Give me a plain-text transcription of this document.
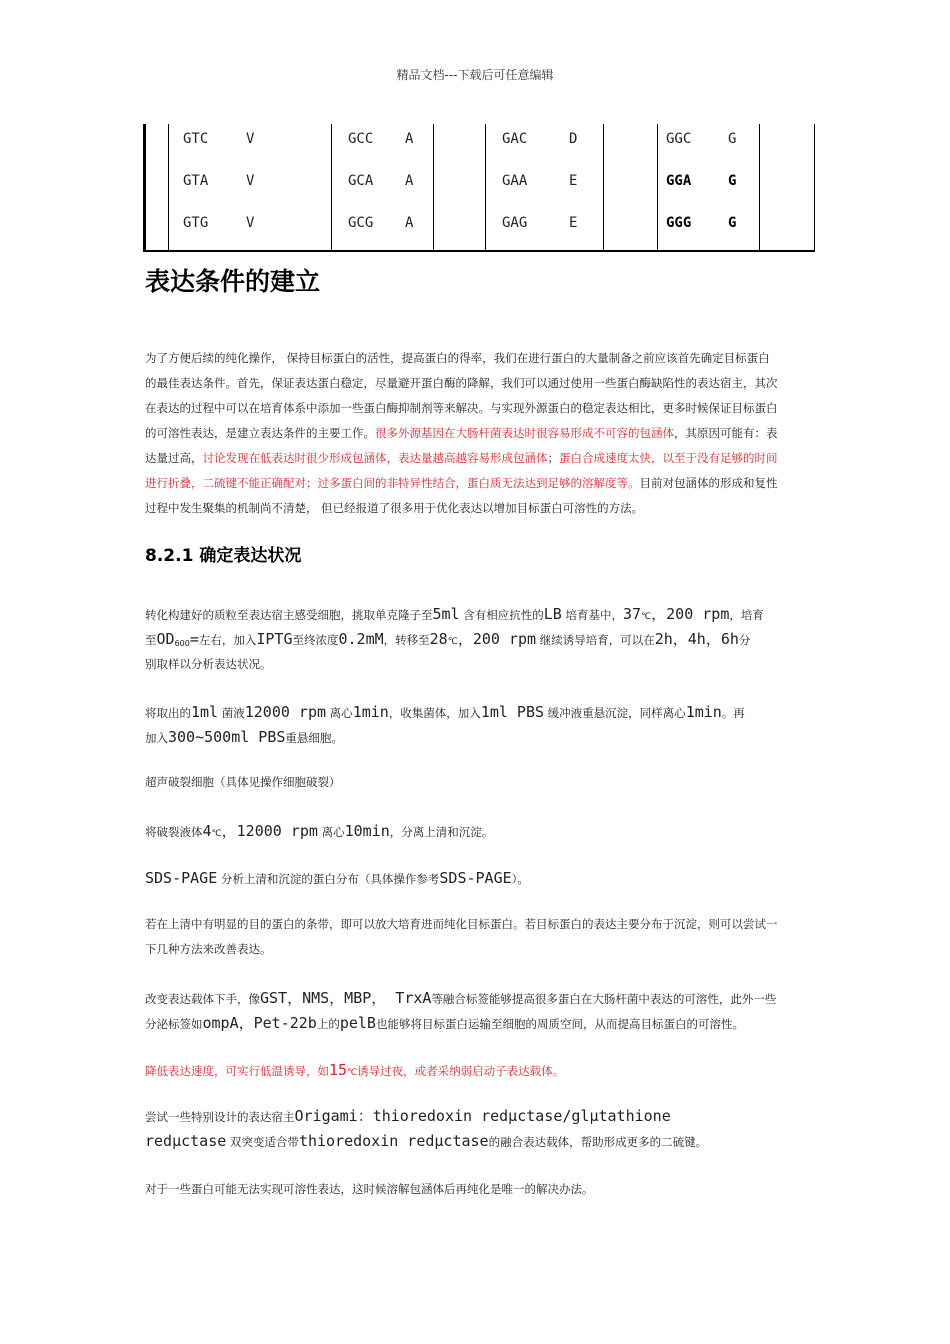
精品文档---下载后可任意编辑
GTC	V	GCC A	GAC	D	GGC	G
GTA	V	GCA A	GAA	E	GGA	G
GTG	V	GCG A	GAG	E	GGG	G
表达条件的建立
为了方便后续的纯化操作， 保持目标蛋白的活性，提高蛋白的得率，我们在进行蛋白的大量制备之前应该首先确定目标蛋白
的最佳表达条件。首先，保证表达蛋白稳定，尽量避开蛋白酶的降解，我们可以通过使用一些蛋白酶缺陷性的表达宿主，其次
在表达的过程中可以在培育体系中添加一些蛋白酶抑制剂等来解决。与实现外源蛋白的稳定表达相比，更多时候保证目标蛋白
的可溶性表达，是建立表达条件的主要工作。很多外源基因在大肠杆菌表达时很容易形成不可容的包涵体，其原因可能有：表
达量过高，讨论发现在低表达时很少形成包涵体，表达量越高越容易形成包涵体；蛋白合成速度太快，以至于没有足够的时间
进行折叠，二硫键不能正确配对；过多蛋白间的非特异性结合，蛋白质无法达到足够的溶解度等。目前对包涵体的形成和复性
过程中发生聚集的机制尚不清楚， 但已经报道了很多用于优化表达以增加目标蛋白可溶性的方法。
8.2.1 确定表达状况
转化构建好的质粒至表达宿主感受细胞，挑取单克隆子至5ml 含有相应抗性的LB 培育基中，37℃，200 rpm，培育
至$OD_{600}=$左右，加入IPTG至终浓度0.2mM，转移至28℃，200 rpm 继续诱导培育，可以在2h，4h，6h分
别取样以分析表达状况。
将取出的1ml 菌液12000 rpm 离心1min，收集菌体，加入1ml PBS 缓冲液重悬沉淀，同样离心1min。再
加入300~500ml PBS重悬细胞。
超声破裂细胞（具体见操作细胞破裂）
将破裂液体4℃，12000 rpm 离心10min，分离上清和沉淀。
SDS-PAGE 分析上清和沉淀的蛋白分布（具体操作参考SDS-PAGE）。
若在上清中有明显的目的蛋白的条带，即可以放大培育进而纯化目标蛋白。若目标蛋白的表达主要分布于沉淀，则可以尝试一
下几种方法来改善表达。
改变表达载体下手，像GST，NMS，MBP， TrxA等融合标签能够提高很多蛋白在大肠杆菌中表达的可溶性，此外一些
分泌标签如ompA，Pet-22b上的pelB也能够将目标蛋白运输至细胞的周质空间，从而提高目标蛋白的可溶性。
降低表达速度，可实行低温诱导，如15℃诱导过夜，或者采纳弱启动子表达载体。
尝试一些特别设计的表达宿主Origami：thioredoxin redμctase/glμtathione
redμctase 双突变适合带thioredoxin redμctase的融合表达载体，帮助形成更多的二硫键。
对于一些蛋白可能无法实现可溶性表达，这时候溶解包涵体后再纯化是唯一的解决办法。
